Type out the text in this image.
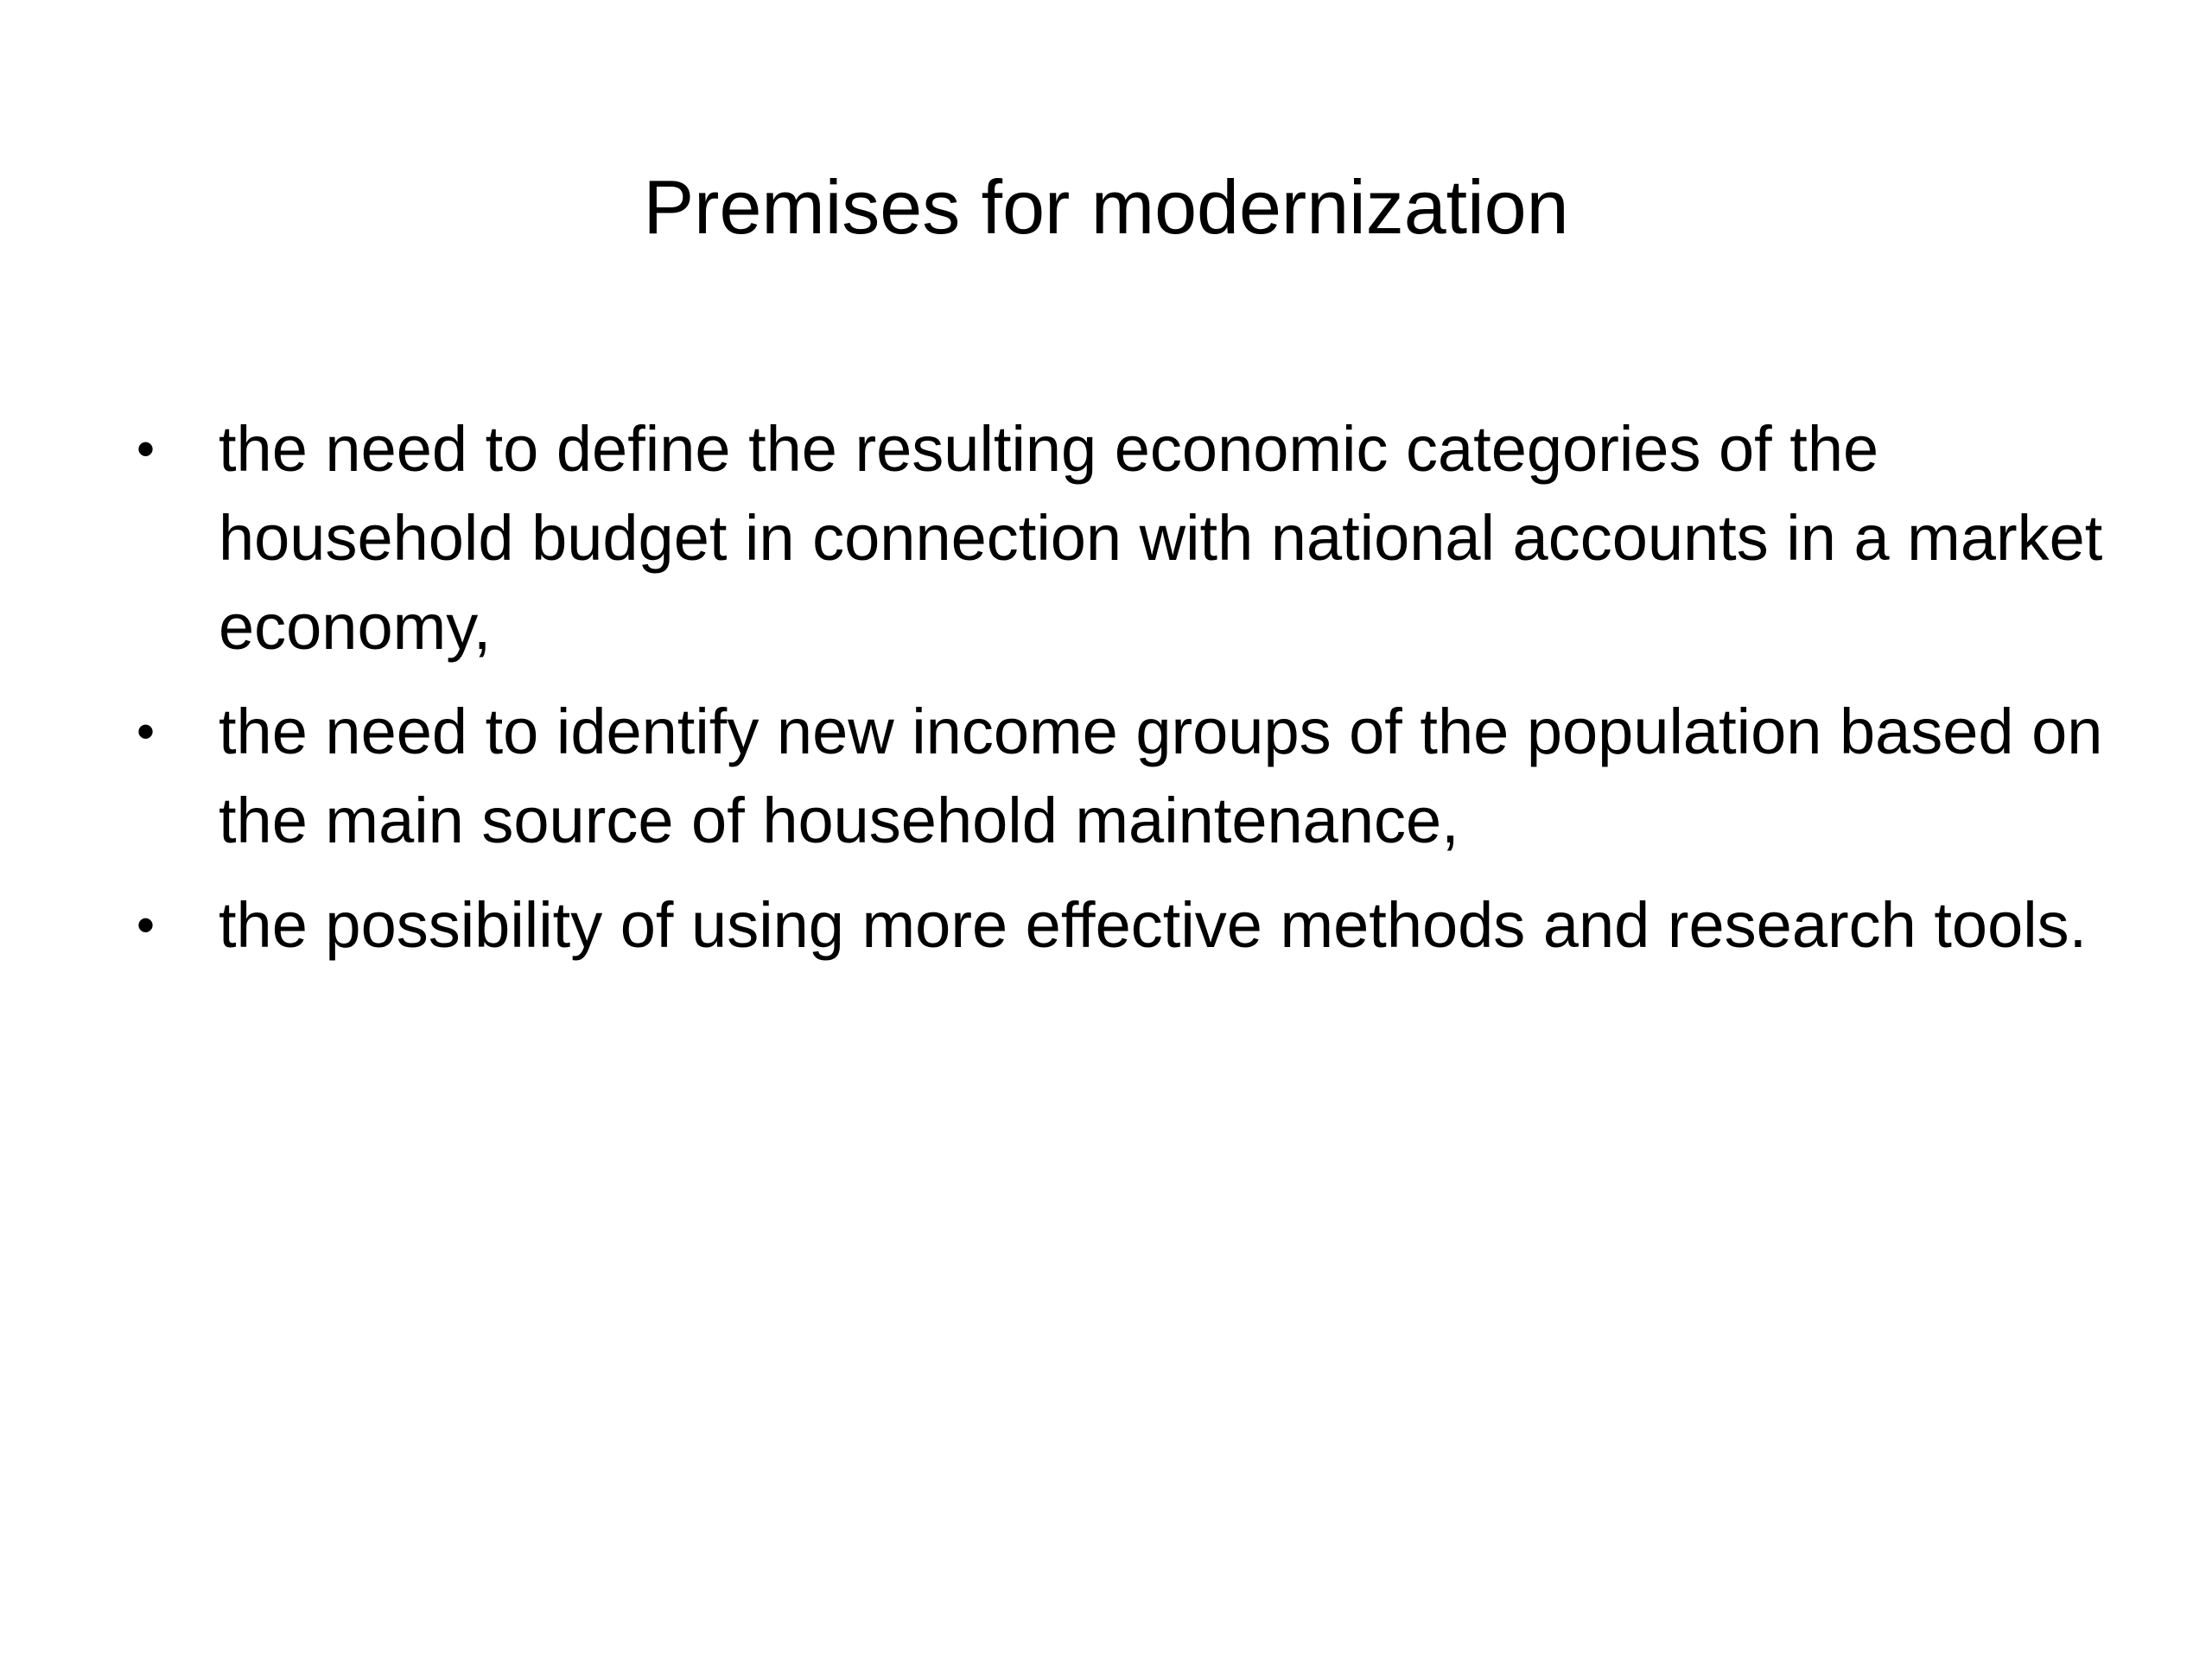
Premises for modernization
• the need to define the resulting economic categories of the household budget in connection with national accounts in a market economy,
• the need to identify new income groups of the population based on the main source of household maintenance,
• the possibility of using more effective methods and research tools.
